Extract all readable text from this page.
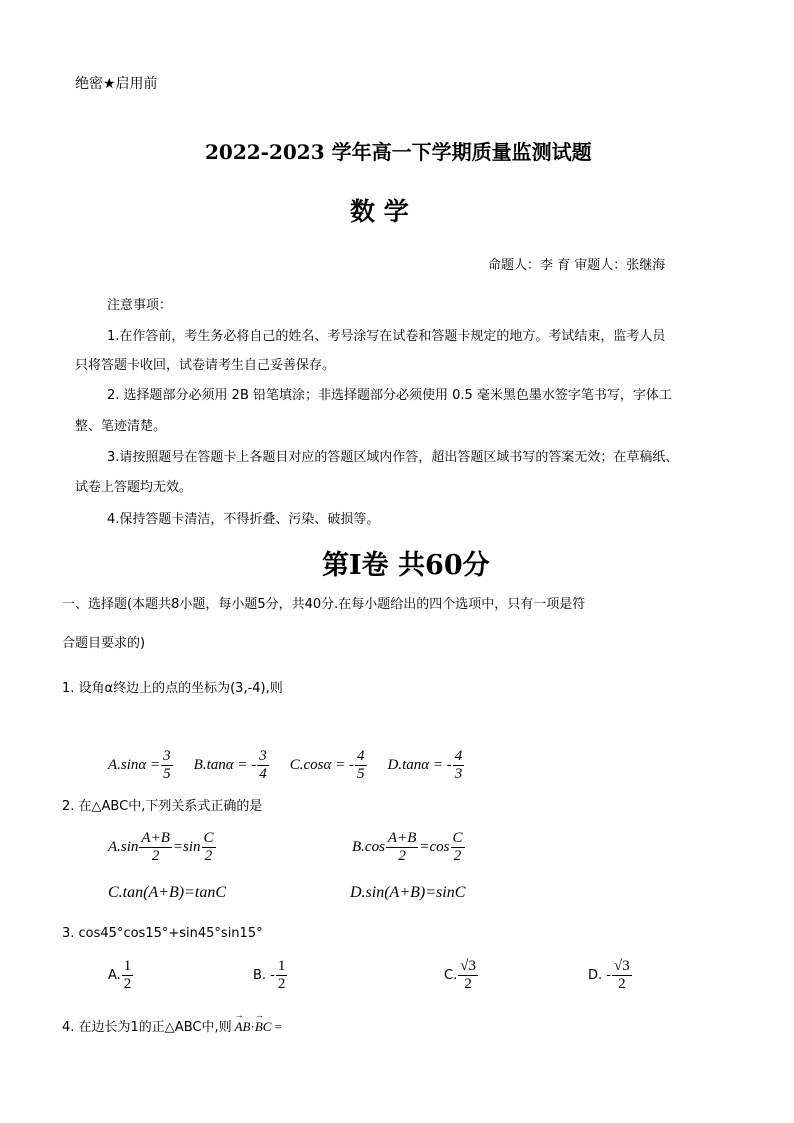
绝密★启用前
2022-2023 学年高一下学期质量监测试题
数 学
命题人：李 育 审题人：张继海
注意事项：
1.在作答前，考生务必将自己的姓名、考号涂写在试卷和答题卡规定的地方。考试结束，监考人员
只将答题卡收回，试卷请考生自己妥善保存。
2. 选择题部分必须用 2B 铅笔填涂；非选择题部分必须使用 0.5 毫米黑色墨水签字笔书写，字体工
整、笔迹清楚。
3.请按照题号在答题卡上各题目对应的答题区域内作答，超出答题区域书写的答案无效；在草稿纸、
试卷上答题均无效。
4.保持答题卡清洁，不得折叠、污染、破损等。
第Ⅰ卷 共60分
一、选择题(本题共8小题，每小题5分，共40分.在每小题给出的四个选项中，只有一项是符
合题目要求的)
1. 设角α终边上的点的坐标为(3,-4),则
$A.\sin\alpha = \frac{3}{5} B.\tan\alpha$ = - $\frac{3}{4} C.\cos\alpha$ = - $\frac{4}{5} D.\tan\alpha$ = - $\frac{4}{3}$
2. 在△ABC中,下列关系式正确的是
$A.\sin \frac{A+B}{2} =\sin \frac{C}{2}$	$B.\cos \frac{A+B}{2} =\cos \frac{C}{2}$
C.tan(A+B)=tanC	D.sin(A+B)=sinC
3. cos45°cos15°+sin45°sin15°
A. $\frac{1}{2}$	B. - $\frac{1}{2}$	C. $\frac{√3}{2}$	D. - $\frac{√3}{2}$
4. 在边长为1的正△ABC中,则 → AB · → BC =
